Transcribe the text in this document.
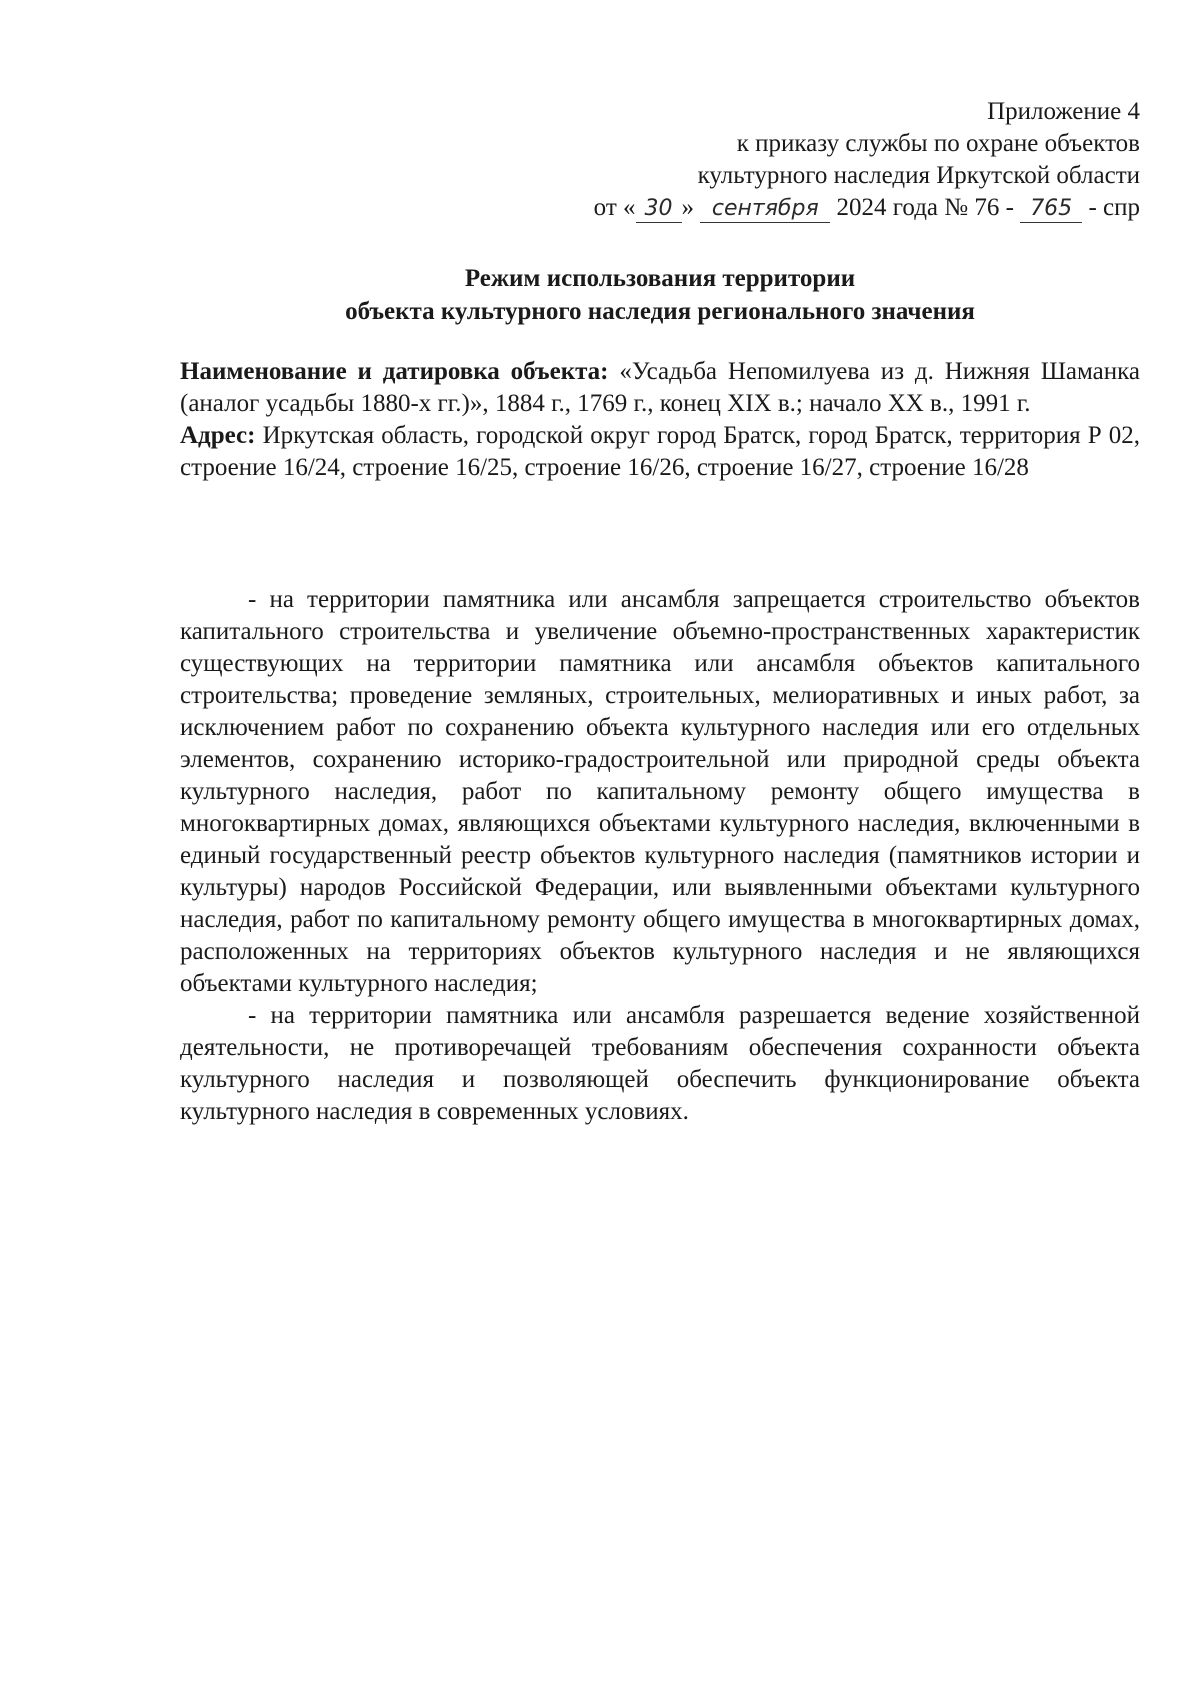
Приложение 4
к приказу службы по охране объектов
культурного наследия Иркутской области
от « 30 » сентября 2024 года № 76 - 765 - спр
Режим использования территории
объекта культурного наследия регионального значения

Наименование и датировка объекта: «Усадьба Непомилуева из д. Нижняя Шаманка (аналог усадьбы 1880-х гг.)», 1884 г., 1769 г., конец XIX в.; начало XX в., 1991 г.

Адрес: Иркутская область, городской округ город Братск, город Братск, территория Р 02, строение 16/24, строение 16/25, строение 16/26, строение 16/27, строение 16/28

- на территории памятника или ансамбля запрещается строительство объектов капитального строительства и увеличение объемно-пространственных характеристик существующих на территории памятника или ансамбля объектов капитального строительства; проведение земляных, строительных, мелиоративных и иных работ, за исключением работ по сохранению объекта культурного наследия или его отдельных элементов, сохранению историко-градостроительной или природной среды объекта культурного наследия, работ по капитальному ремонту общего имущества в многоквартирных домах, являющихся объектами культурного наследия, включенными в единый государственный реестр объектов культурного наследия (памятников истории и культуры) народов Российской Федерации, или выявленными объектами культурного наследия, работ по капитальному ремонту общего имущества в многоквартирных домах, расположенных на территориях объектов культурного наследия и не являющихся объектами культурного наследия;

- на территории памятника или ансамбля разрешается ведение хозяйственной деятельности, не противоречащей требованиям обеспечения сохранности объекта культурного наследия и позволяющей обеспечить функционирование объекта культурного наследия в современных условиях.
